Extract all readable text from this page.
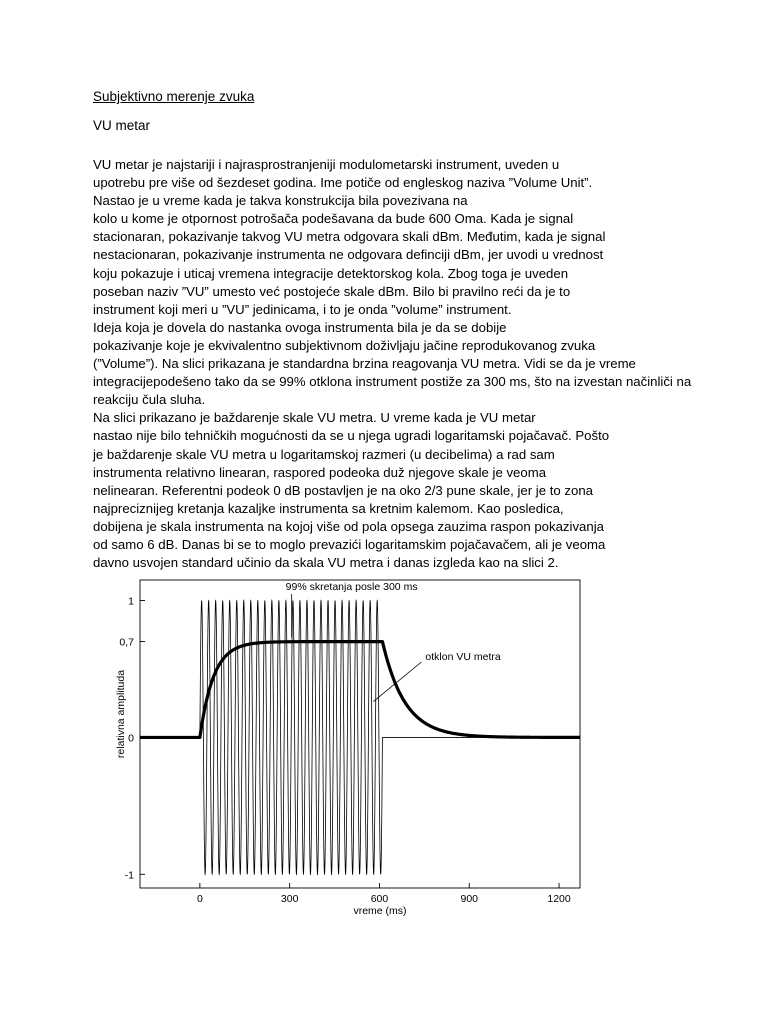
Subjektivno merenje zvuka
VU metar
VU metar je najstariji i najrasprostranjeniji modulometarski instrument, uveden u
upotrebu pre više od šezdeset godina. Ime potiče od engleskog naziva ”Volume Unit”.
Nastao je u vreme kada je takva konstrukcija bila povezivana na
kolo u kome je otpornost potrošača podešavana da bude 600 Oma. Kada je signal
stacionaran, pokazivanje takvog VU metra odgovara skali dBm. Međutim, kada je signal
nestacionaran, pokazivanje instrumenta ne odgovara definciji dBm, jer uvodi u vrednost
koju pokazuje i uticaj vremena integracije detektorskog kola. Zbog toga je uveden
poseban naziv ”VU” umesto već postojeće skale dBm. Bilo bi pravilno reći da je to
instrument koji meri u ”VU” jedinicama, i to je onda ”volume” instrument.
Ideja koja je dovela do nastanka ovoga instrumenta bila je da se dobije
pokazivanje koje je ekvivalentno subjektivnom doživljaju jačine reprodukovanog zvuka
(”Volume”). Na slici prikazana je standardna brzina reagovanja VU metra. Vidi se da je vreme
integracijepodešeno tako da se 99% otklona instrument postiže za 300 ms, što na izvestan načinliči na
reakciju čula sluha.
Na slici prikazano je baždarenje skale VU metra. U vreme kada je VU metar
nastao nije bilo tehničkih mogućnosti da se u njega ugradi logaritamski pojačavač. Pošto
je baždarenje skale VU metra u logaritamskoj razmeri (u decibelima) a rad sam
instrumenta relativno linearan, raspored podeoka duž njegove skale je veoma
nelinearan. Referentni podeok 0 dB postavljen je na oko 2/3 pune skale, jer je to zona
najpreciznijeg kretanja kazaljke instrumenta sa kretnim kalemom. Kao posledica,
dobijena je skala instrumenta na kojoj više od pola opsega zauzima raspon pokazivanja
od samo 6 dB. Danas bi se to moglo prevazići logaritamskim pojačavačem, ali je veoma
davno usvojen standard učinio da skala VU metra i danas izgleda kao na slici 2.
0	300	600	900	1200
1
0,7
0
-1
vreme (ms)
relativna amplituda
99% skretanja posle 300 ms
otklon VU metra
